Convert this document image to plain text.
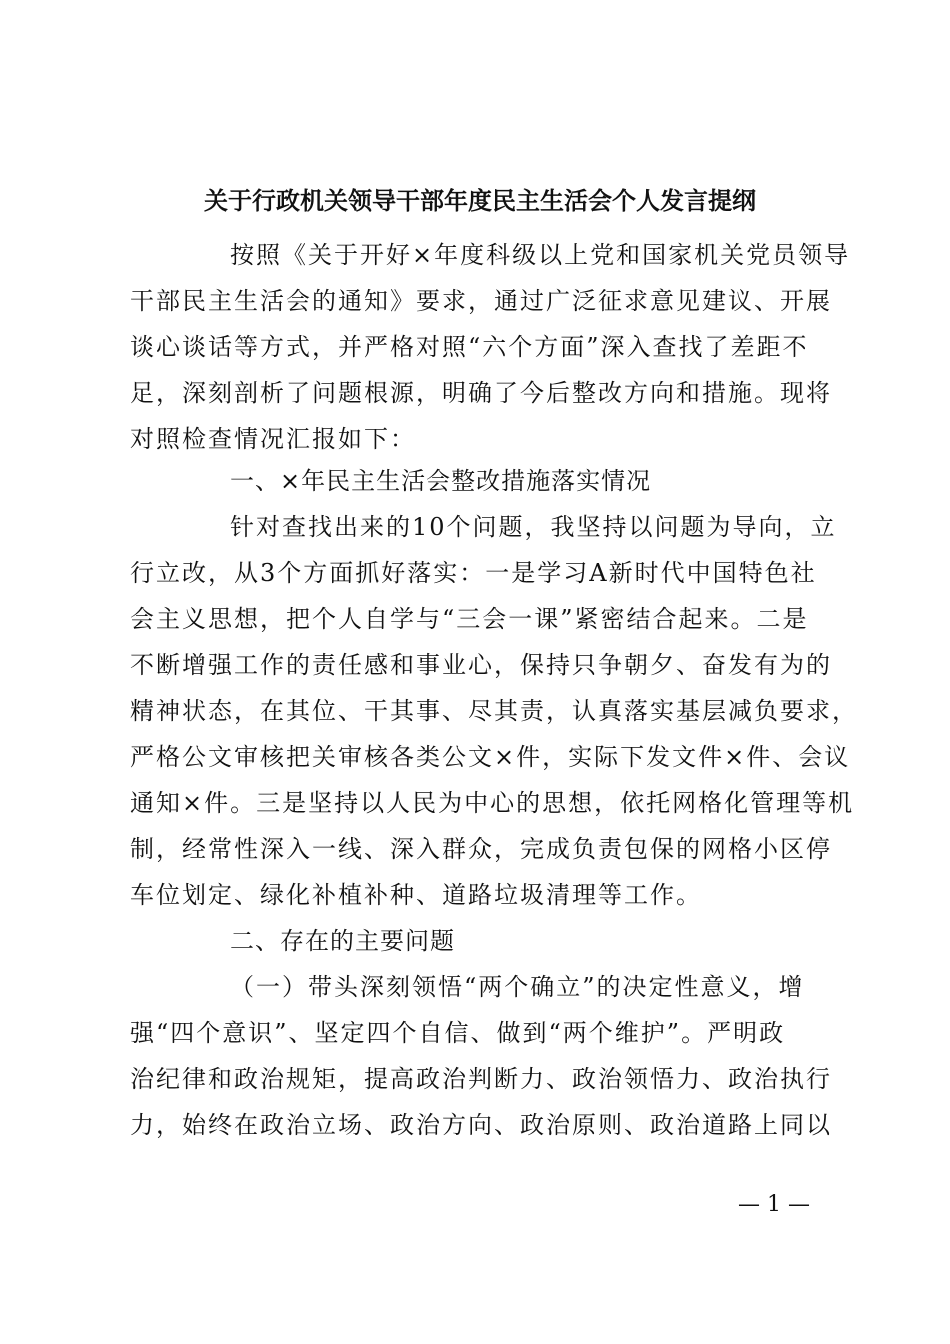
关于行政机关领导干部年度民主生活会个人发言提纲
按照《关于开好×年度科级以上党和国家机关党员领导
干部民主生活会的通知》要求，通过广泛征求意见建议、开展
谈心谈话等方式，并严格对照“六个方面”深入查找了差距不
足，深刻剖析了问题根源，明确了今后整改方向和措施。现将
对照检查情况汇报如下：
一、×年民主生活会整改措施落实情况
针对查找出来的10个问题，我坚持以问题为导向，立
行立改，从3个方面抓好落实：一是学习A新时代中国特色社
会主义思想，把个人自学与“三会一课”紧密结合起来。二是
不断增强工作的责任感和事业心，保持只争朝夕、奋发有为的
精神状态，在其位、干其事、尽其责，认真落实基层减负要求，
严格公文审核把关审核各类公文×件，实际下发文件×件、会议
通知×件。三是坚持以人民为中心的思想，依托网格化管理等机
制，经常性深入一线、深入群众，完成负责包保的网格小区停
车位划定、绿化补植补种、道路垃圾清理等工作。
二、存在的主要问题
（一）带头深刻领悟“两个确立”的决定性意义，增
强“四个意识”、坚定四个自信、做到“两个维护”。严明政
治纪律和政治规矩，提高政治判断力、政治领悟力、政治执行
力，始终在政治立场、政治方向、政治原则、政治道路上同以
— 1 —
